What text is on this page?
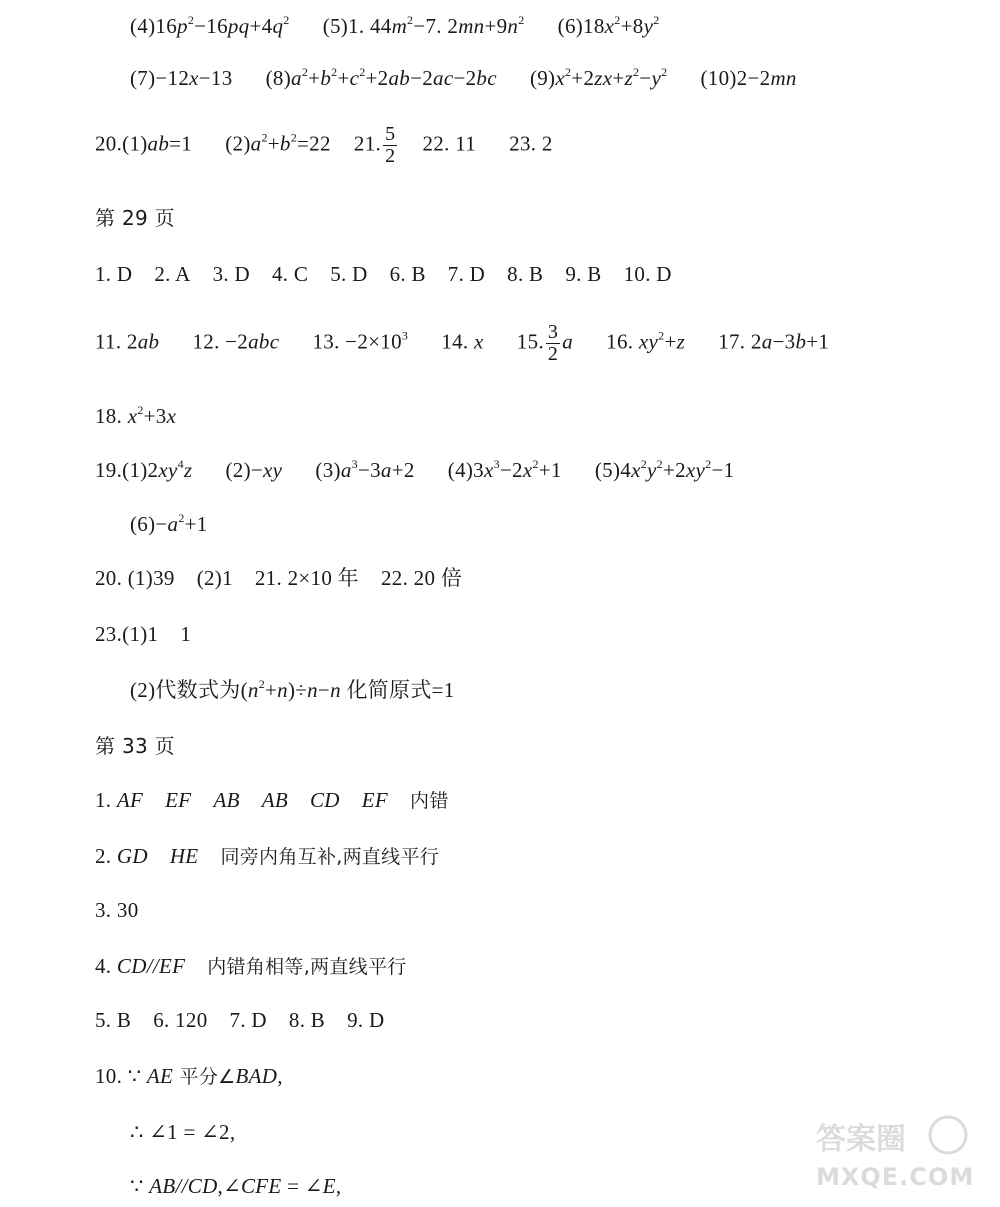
$(4)16p^2-16pq+4q^2$ (5)1. $44m^2-7$. $2mn+9n^2$ $(6)18x^2+8y^2$
(7)−12x−13 $(8)a^2+b^2+c^2+2ab-2ac-2bc$ $(9)x^2+2zx+z^2-y^2$ (10)2−2mn
20.(1)ab=1 $(2)a^2+b^2=22$ 21. $\frac{5}{2} 22$. 11 23. 2
第 29 页
1. D 2. A 3. D 4. C 5. D 6. B 7. D 8. B 9. B 10. D
11. 2ab 12. −2abc 13. $-2\times 10^3$ 14. x 15. $\frac{3}{2}$ a 16. $xy^2+z$ 17. 2a−3b+1
18. $x^2+3x$
$19.(1)2xy^4z$ (2)−xy $(3)a^3-3a+2$ $(4)3x^3-2x^2+1$ $(5)4x^2y^2+2xy^2-1$
$(6)-a^2+1$
20. (1)39 (2)1 21. 2×10 年 22. 20 倍
23.(1)1 1
(2)代数式为$(n^2+n)\div n-n$ 化简原式=1
第 33 页
1. AF EF AB AB CD EF 内错
2. GD HE 同旁内角互补,两直线平行
3. 30
4. CD//EF 内错角相等,两直线平行
5. B 6. 120 7. D 8. B 9. D
10. ∵ AE 平分∠BAD,
∴ ∠1 = ∠2,
∵ AB//CD,∠CFE = ∠E,
答案圈
MXQE.COM
